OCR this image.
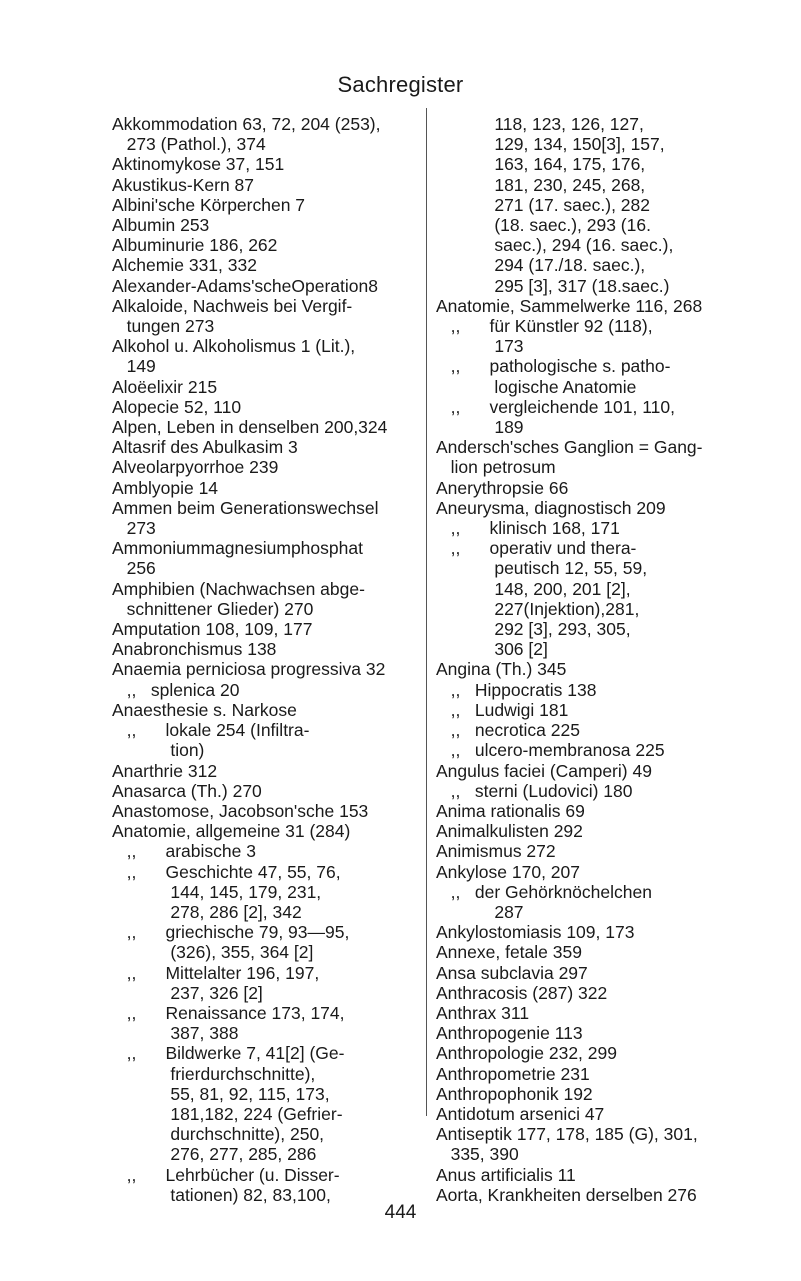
Sachregister
Akkommodation 63, 72, 204 (253),
273 (Pathol.), 374
Aktinomykose 37, 151
Akustikus-Kern 87
Albini'sche Körperchen 7
Albumin 253
Albuminurie 186, 262
Alchemie 331, 332
Alexander-Adams'scheOperation8
Alkaloide, Nachweis bei Vergif-
tungen 273
Alkohol u. Alkoholismus 1 (Lit.),
149
Aloëelixir 215
Alopecie 52, 110
Alpen, Leben in denselben 200,324
Altasrif des Abulkasim 3
Alveolarpyorrhoe 239
Amblyopie 14
Ammen beim Generationswechsel
273
Ammoniummagnesiumphosphat
256
Amphibien (Nachwachsen abge-
schnittener Glieder) 270
Amputation 108, 109, 177
Anabronchismus 138
Anaemia perniciosa progressiva 32
,,   splenica 20
Anaesthesie s. Narkose
,,      lokale 254 (Infiltra-
tion)
Anarthrie 312
Anasarca (Th.) 270
Anastomose, Jacobson'sche 153
Anatomie, allgemeine 31 (284)
,,      arabische 3
,,      Geschichte 47, 55, 76,
144, 145, 179, 231,
278, 286 [2], 342
,,      griechische 79, 93—95,
(326), 355, 364 [2]
,,      Mittelalter 196, 197,
237, 326 [2]
,,      Renaissance 173, 174,
387, 388
,,      Bildwerke 7, 41[2] (Ge-
frierdurchschnitte),
55, 81, 92, 115, 173,
181,182, 224 (Gefrier-
durchschnitte), 250,
276, 277, 285, 286
,,      Lehrbücher (u. Disser-
tationen) 82, 83,100,
118, 123, 126, 127,
129, 134, 150[3], 157,
163, 164, 175, 176,
181, 230, 245, 268,
271 (17. saec.), 282
(18. saec.), 293 (16.
saec.), 294 (16. saec.),
294 (17./18. saec.),
295 [3], 317 (18.saec.)
Anatomie, Sammelwerke 116, 268
,,      für Künstler 92 (118),
173
,,      pathologische s. patho-
logische Anatomie
,,      vergleichende 101, 110,
189
Andersch'sches Ganglion = Gang-
lion petrosum
Anerythropsie 66
Aneurysma, diagnostisch 209
,,      klinisch 168, 171
,,      operativ und thera-
peutisch 12, 55, 59,
148, 200, 201 [2],
227(Injektion),281,
292 [3], 293, 305,
306 [2]
Angina (Th.) 345
,,   Hippocratis 138
,,   Ludwigi 181
,,   necrotica 225
,,   ulcero-membranosa 225
Angulus faciei (Camperi) 49
,,   sterni (Ludovici) 180
Anima rationalis 69
Animalkulisten 292
Animismus 272
Ankylose 170, 207
,,   der Gehörknöchelchen
287
Ankylostomiasis 109, 173
Annexe, fetale 359
Ansa subclavia 297
Anthracosis (287) 322
Anthrax 311
Anthropogenie 113
Anthropologie 232, 299
Anthropometrie 231
Anthropophonik 192
Antidotum arsenici 47
Antiseptik 177, 178, 185 (G), 301,
335, 390
Anus artificialis 11
Aorta, Krankheiten derselben 276
444
